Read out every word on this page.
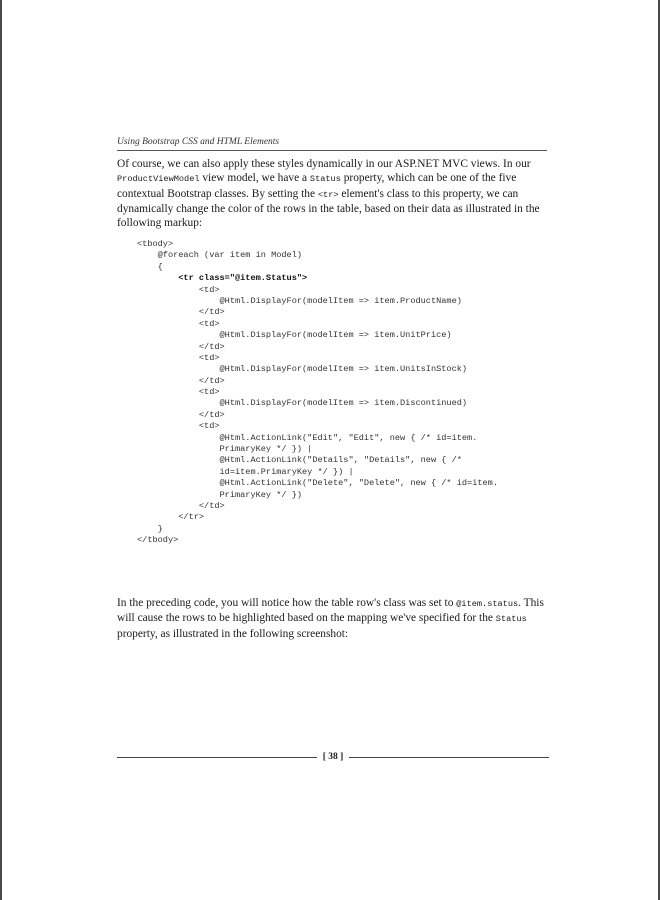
Using Bootstrap CSS and HTML Elements
Of course, we can also apply these styles dynamically in our ASP.NET MVC views. In our ProductViewModel view model, we have a Status property, which can be one of the five contextual Bootstrap classes. By setting the <tr> element's class to this property, we can dynamically change the color of the rows in the table, based on their data as illustrated in the following markup:
<tbody>
@foreach (var item in Model)
{
<tr class="@item.Status">
<td>
@Html.DisplayFor(modelItem => item.ProductName)
</td>
<td>
@Html.DisplayFor(modelItem => item.UnitPrice)
</td>
<td>
@Html.DisplayFor(modelItem => item.UnitsInStock)
</td>
<td>
@Html.DisplayFor(modelItem => item.Discontinued)
</td>
<td>
@Html.ActionLink("Edit", "Edit", new { /* id=item.
PrimaryKey */ }) |
@Html.ActionLink("Details", "Details", new { /*
id=item.PrimaryKey */ }) |
@Html.ActionLink("Delete", "Delete", new { /* id=item.
PrimaryKey */ })
</td>
</tr>
}
</tbody>
In the preceding code, you will notice how the table row's class was set to @item.status. This will cause the rows to be highlighted based on the mapping we've specified for the Status property, as illustrated in the following screenshot:
[ 38 ]
